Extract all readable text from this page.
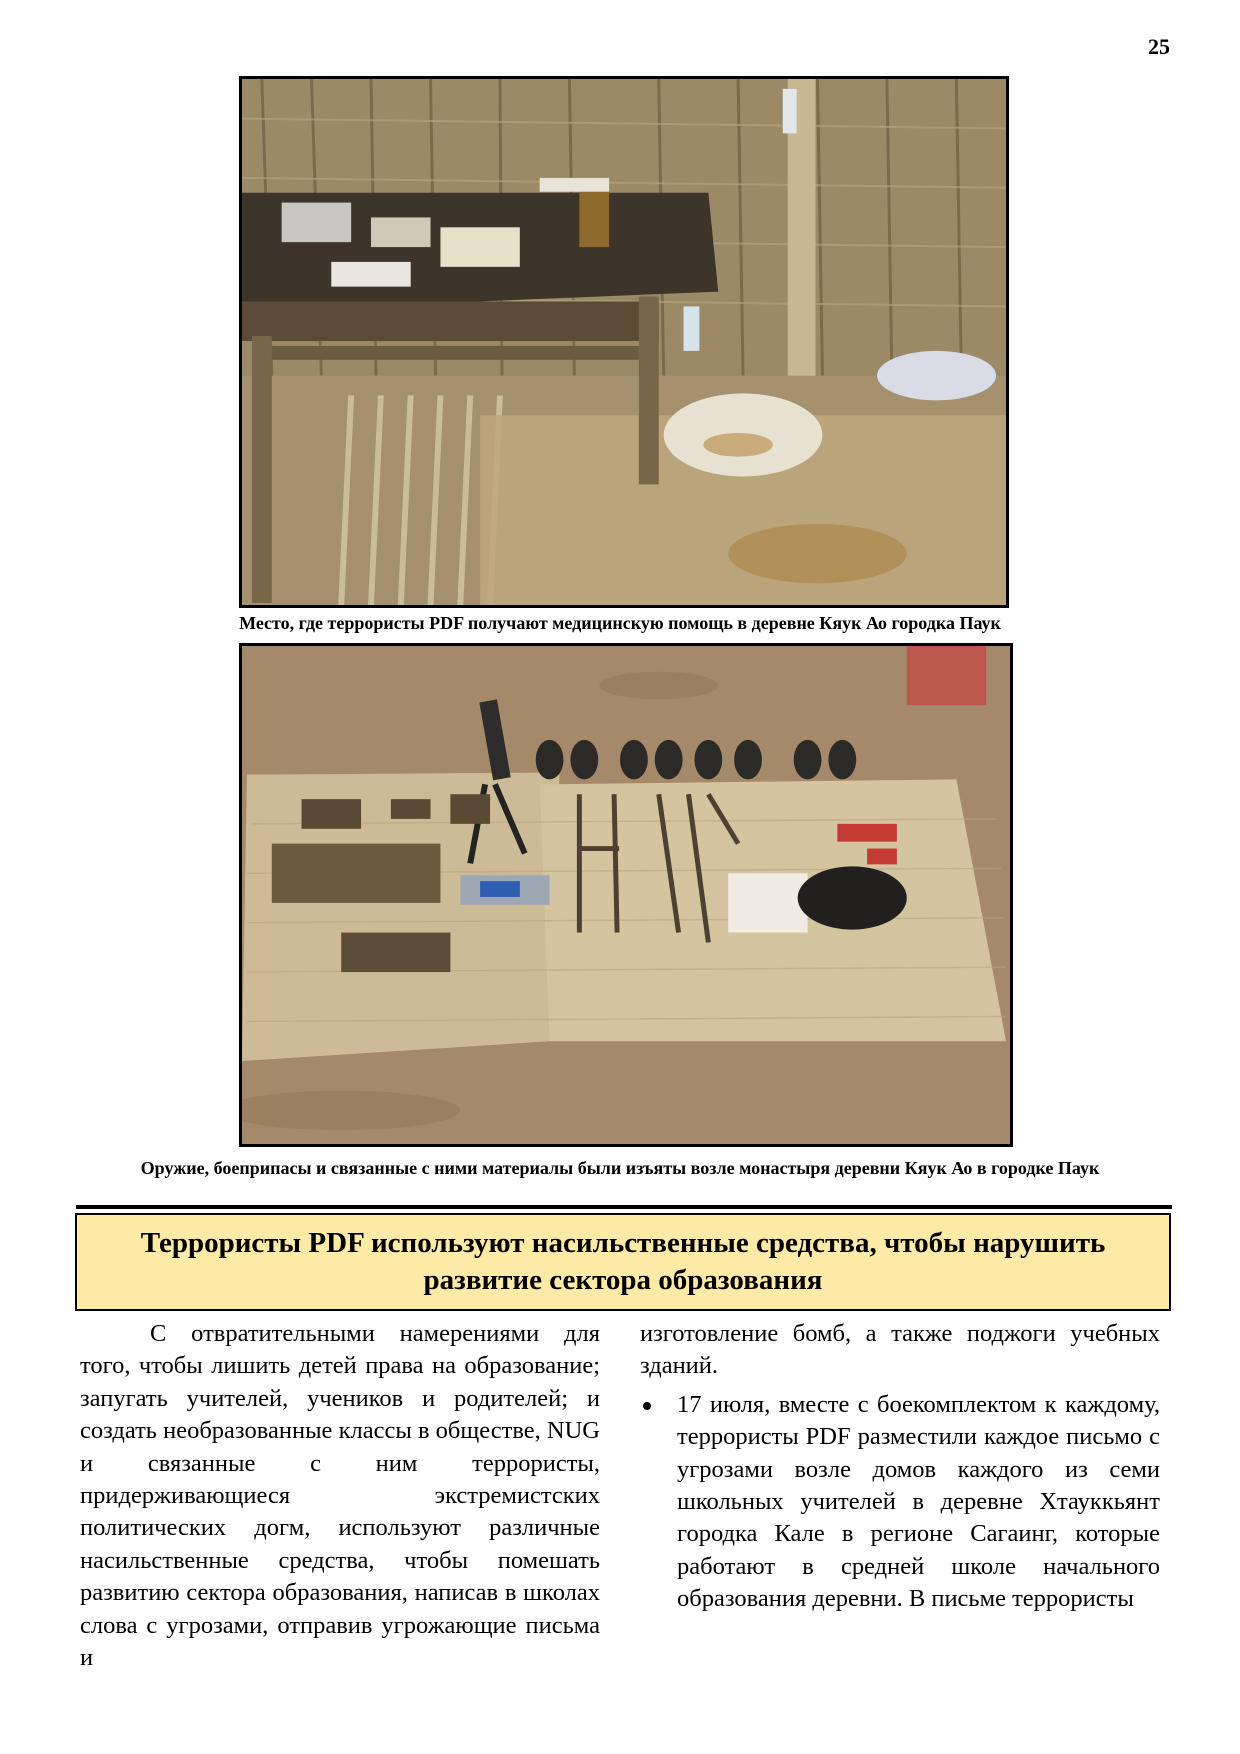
25
Место, где террористы PDF получают медицинскую помощь в деревне Кяук Ао городка Паук
Оружие, боеприпасы и связанные с ними материалы были изъяты возле монастыря деревни Кяук Ао в городке Паук
Террористы PDF используют насильственные средства, чтобы нарушить развитие сектора образования

С отвратительными намерениями для того, чтобы лишить детей права на образование; запугать учителей, учеников и родителей; и создать необразованные классы в обществе, NUG и связанные с ним террористы, придерживающиеся экстремистских политических догм, используют различные насильственные средства, чтобы помешать развитию сектора образования, написав в школах слова с угрозами, отправив угрожающие письма и

изготовление бомб, а также поджоги учебных зданий.

17 июля, вместе с боекомплектом к каждому, террористы PDF разместили каждое письмо с угрозами возле домов каждого из семи школьных учителей в деревне Хтауккьянт городка Кале в регионе Сагаинг, которые работают в средней школе начального образования деревни. В письме террористы
